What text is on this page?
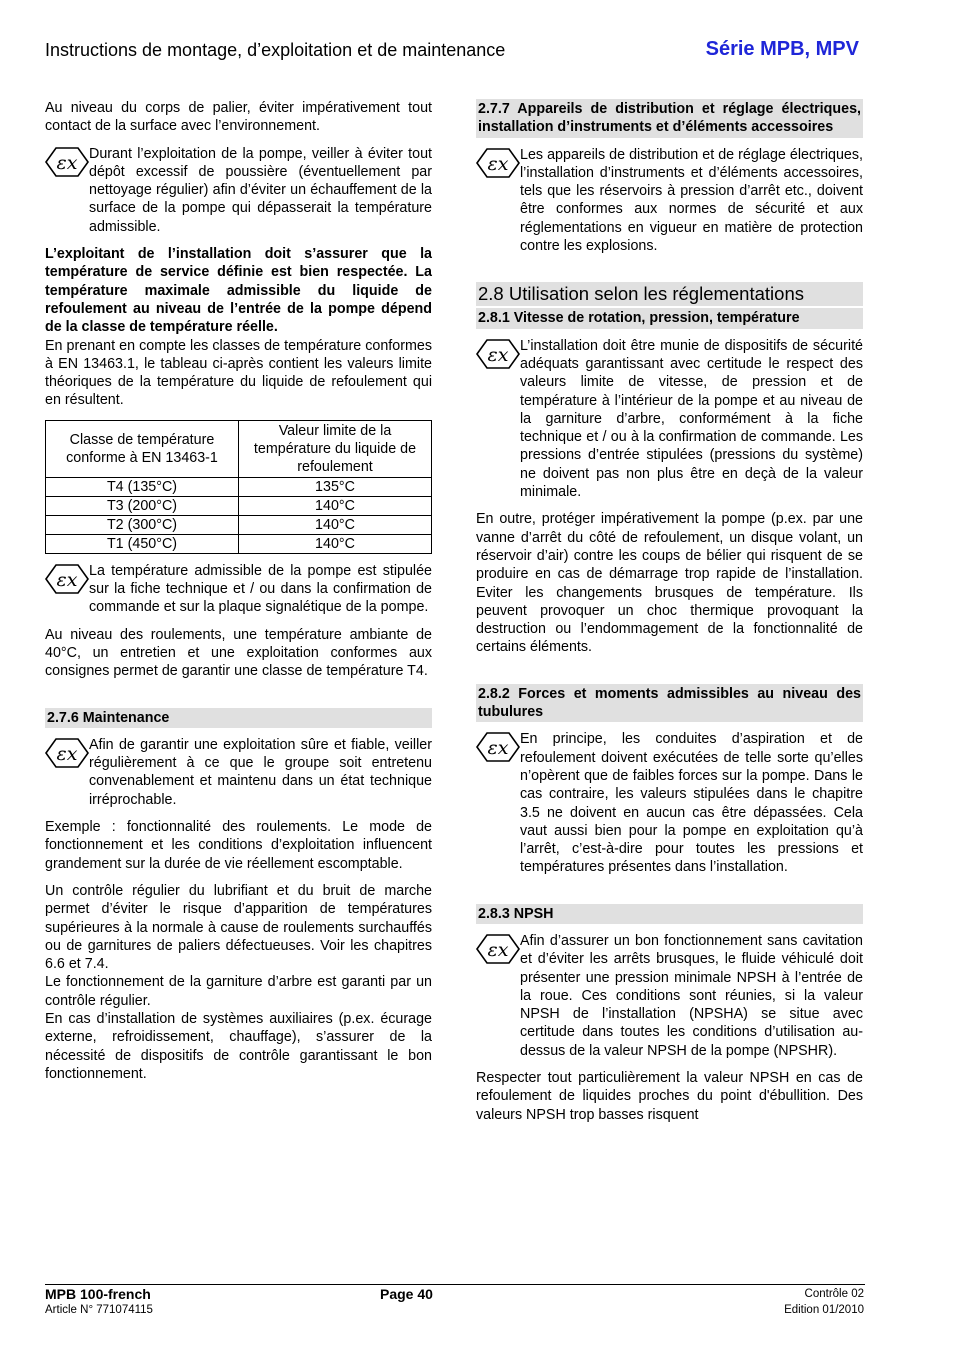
Instructions de montage, d’exploitation et de maintenance	Série MPB, MPV

Au niveau du corps de palier, éviter impérativement tout contact de la surface avec l’environnement.

εx Durant l’exploitation de la pompe, veiller à éviter tout dépôt excessif de poussière (éventuellement par nettoyage régulier) afin d’éviter un échauffement de la surface de la pompe qui dépasserait la température admissible.

L’exploitant de l’installation doit s’assurer que la température de service définie est bien respectée. La température maximale admissible du liquide de refoulement au niveau de l’entrée de la pompe dépend de la classe de température réelle.

En prenant en compte les classes de température conformes à EN 13463.1, le tableau ci-après contient les valeurs limite théoriques de la température du liquide de refoulement qui en résultent.

Classe de température conforme à EN 13463-1	Valeur limite de la température du liquide de refoulement
T4 (135°C)	135°C
T3 (200°C)	140°C
T2 (300°C)	140°C
T1 (450°C)	140°C
εx La température admissible de la pompe est stipulée sur la fiche technique et / ou dans la confirmation de commande et sur la plaque signalétique de la pompe.

Au niveau des roulements, une température ambiante de 40°C, un entretien et une exploitation conformes aux consignes permet de garantir une classe de température T4.

2.7.6 Maintenance
εx Afin de garantir une exploitation sûre et fiable, veiller régulièrement à ce que le groupe soit entretenu convenablement et maintenu dans un état technique irréprochable.

Exemple : fonctionnalité des roulements. Le mode de fonctionnement et les conditions d’exploitation influencent grandement sur la durée de vie réellement escomptable.

Un contrôle régulier du lubrifiant et du bruit de marche permet d’éviter le risque d’apparition de températures supérieures à la normale à cause de roulements surchauffés ou de garnitures de paliers défectueuses. Voir les chapitres 6.6 et 7.4.

Le fonctionnement de la garniture d’arbre est garanti par un contrôle régulier.

En cas d’installation de systèmes auxiliaires (p.ex. écurage externe, refroidissement, chauffage), s’assurer de la nécessité de dispositifs de contrôle garantissant le bon fonctionnement.

2.7.7 Appareils de distribution et réglage électriques, installation d’instruments et d’éléments accessoires
εx Les appareils de distribution et de réglage électriques, l’installation d’instruments et d’éléments accessoires, tels que les réservoirs à pression d’arrêt etc., doivent être conformes aux normes de sécurité et aux réglementations en vigueur en matière de protection contre les explosions.
2.8 Utilisation selon les réglementations
2.8.1 Vitesse de rotation, pression, température
εx L’installation doit être munie de dispositifs de sécurité adéquats garantissant avec certitude le respect des valeurs limite de vitesse, de pression et de température à l’intérieur de la pompe et au niveau de la garniture d’arbre, conformément à la fiche technique et / ou à la confirmation de commande. Les pressions d’entrée stipulées (pressions du système) ne doivent pas non plus être en deçà de la valeur minimale.

En outre, protéger impérativement la pompe (p.ex. par une vanne d’arrêt du côté de refoulement, un disque volant, un réservoir d’air) contre les coups de bélier qui risquent de se produire en cas de démarrage trop rapide de l’installation. Eviter les changements brusques de température. Ils peuvent provoquer un choc thermique provoquant la destruction ou l’endommagement de la fonctionnalité de certains éléments.

2.8.2 Forces et moments admissibles au niveau des tubulures
εx En principe, les conduites d’aspiration et de refoulement doivent exécutées de telle sorte qu’elles n’opèrent que de faibles forces sur la pompe. Dans le cas contraire, les valeurs stipulées dans le chapitre 3.5 ne doivent en aucun cas être dépassées. Cela vaut aussi bien pour la pompe en exploitation qu’à l’arrêt, c’est-à-dire pour toutes les pressions et températures présentes dans l’installation.
2.8.3 NPSH
εx Afin d’assurer un bon fonctionnement sans cavitation et d’éviter les arrêts brusques, le fluide véhiculé doit présenter une pression minimale NPSH à l’entrée de la roue. Ces conditions sont réunies, si la valeur NPSH de l’installation (NPSHA) se situe avec certitude dans toutes les conditions d’utilisation au-dessus de la valeur NPSH de la pompe (NPSHR).

Respecter tout particulièrement la valeur NPSH en cas de refoulement de liquides proches du point d'ébullition. Des valeurs NPSH trop basses risquent

MPB 100-french
Article N° 771074115
Page 40	Contrôle 02
Edition 01/2010
